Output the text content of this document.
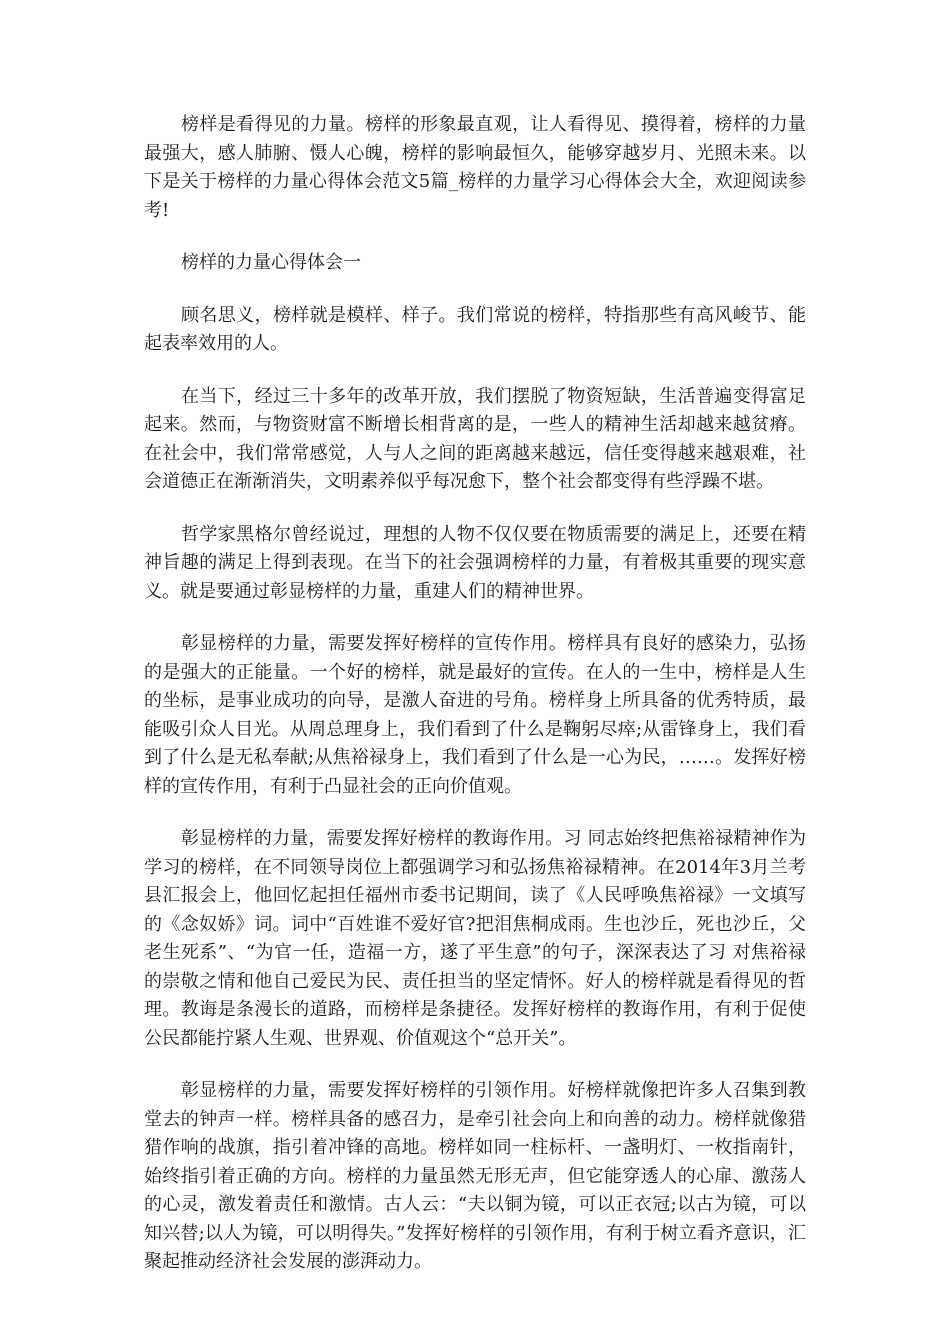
榜样是看得见的力量。榜样的形象最直观，让人看得见、摸得着，榜样的力量最强大，感人肺腑、慑人心魄，榜样的影响最恒久，能够穿越岁月、光照未来。以下是关于榜样的力量心得体会范文5篇_榜样的力量学习心得体会大全，欢迎阅读参考!

榜样的力量心得体会一

顾名思义，榜样就是模样、样子。我们常说的榜样，特指那些有高风峻节、能起表率效用的人。

在当下，经过三十多年的改革开放，我们摆脱了物资短缺，生活普遍变得富足起来。然而，与物资财富不断增长相背离的是，一些人的精神生活却越来越贫瘠。在社会中，我们常常感觉，人与人之间的距离越来越远，信任变得越来越艰难，社会道德正在渐渐消失，文明素养似乎每况愈下，整个社会都变得有些浮躁不堪。

哲学家黑格尔曾经说过，理想的人物不仅仅要在物质需要的满足上，还要在精神旨趣的满足上得到表现。在当下的社会强调榜样的力量，有着极其重要的现实意义。就是要通过彰显榜样的力量，重建人们的精神世界。

彰显榜样的力量，需要发挥好榜样的宣传作用。榜样具有良好的感染力，弘扬的是强大的正能量。一个好的榜样，就是最好的宣传。在人的一生中，榜样是人生的坐标，是事业成功的向导，是激人奋进的号角。榜样身上所具备的优秀特质，最能吸引众人目光。从周总理身上，我们看到了什么是鞠躬尽瘁;从雷锋身上，我们看到了什么是无私奉献;从焦裕禄身上，我们看到了什么是一心为民，……。发挥好榜样的宣传作用，有利于凸显社会的正向价值观。

彰显榜样的力量，需要发挥好榜样的教诲作用。习 同志始终把焦裕禄精神作为学习的榜样，在不同领导岗位上都强调学习和弘扬焦裕禄精神。在2014年3月兰考县汇报会上，他回忆起担任福州市委书记期间，读了《人民呼唤焦裕禄》一文填写的《念奴娇》词。词中“百姓谁不爱好官?把泪焦桐成雨。生也沙丘，死也沙丘，父老生死系”、“为官一任，造福一方，遂了平生意”的句子，深深表达了习 对焦裕禄的崇敬之情和他自己爱民为民、责任担当的坚定情怀。好人的榜样就是看得见的哲理。教诲是条漫长的道路，而榜样是条捷径。发挥好榜样的教诲作用，有利于促使公民都能拧紧人生观、世界观、价值观这个“总开关”。

彰显榜样的力量，需要发挥好榜样的引领作用。好榜样就像把许多人召集到教堂去的钟声一样。榜样具备的感召力，是牵引社会向上和向善的动力。榜样就像猎猎作响的战旗，指引着冲锋的高地。榜样如同一柱标杆、一盏明灯、一枚指南针，始终指引着正确的方向。榜样的力量虽然无形无声，但它能穿透人的心扉、激荡人的心灵，激发着责任和激情。古人云：“夫以铜为镜，可以正衣冠;以古为镜，可以知兴替;以人为镜，可以明得失。”发挥好榜样的引领作用，有利于树立看齐意识，汇聚起推动经济社会发展的澎湃动力。
